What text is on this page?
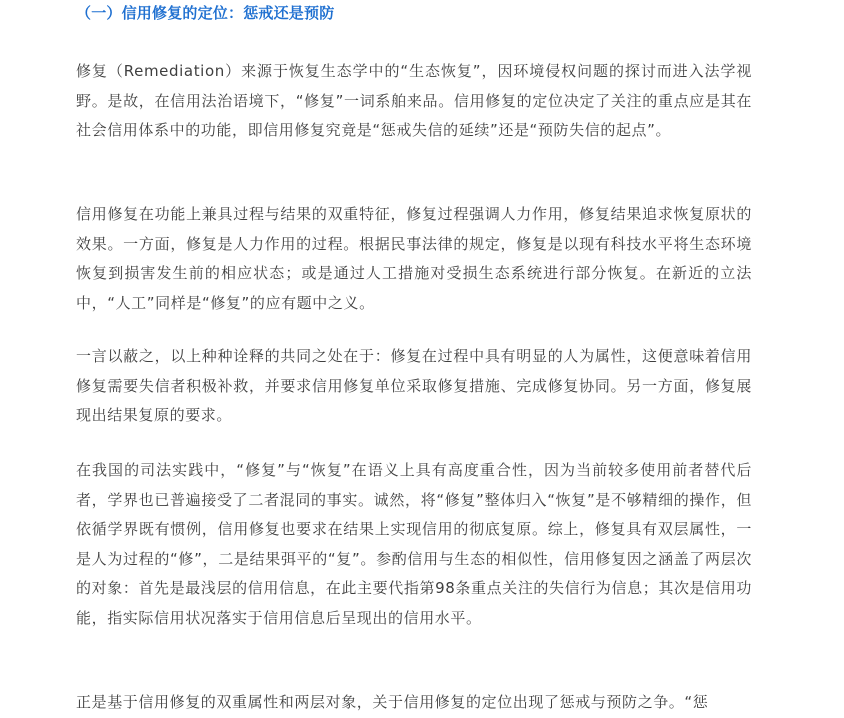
（一）信用修复的定位：惩戒还是预防

修复（Remediation）来源于恢复生态学中的“生态恢复”，因环境侵权问题的探讨而进入法学视野。是故，在信用法治语境下，“修复”一词系舶来品。信用修复的定位决定了关注的重点应是其在社会信用体系中的功能，即信用修复究竟是“惩戒失信的延续”还是“预防失信的起点”。

信用修复在功能上兼具过程与结果的双重特征，修复过程强调人力作用，修复结果追求恢复原状的效果。一方面，修复是人力作用的过程。根据民事法律的规定，修复是以现有科技水平将生态环境恢复到损害发生前的相应状态；或是通过人工措施对受损生态系统进行部分恢复。在新近的立法中，“人工”同样是“修复”的应有题中之义。

一言以蔽之，以上种种诠释的共同之处在于：修复在过程中具有明显的人为属性，这便意味着信用修复需要失信者积极补救，并要求信用修复单位采取修复措施、完成修复协同。另一方面，修复展现出结果复原的要求。

在我国的司法实践中，“修复”与“恢复”在语义上具有高度重合性，因为当前较多使用前者替代后者，学界也已普遍接受了二者混同的事实。诚然，将“修复”整体归入“恢复”是不够精细的操作，但依循学界既有惯例，信用修复也要求在结果上实现信用的彻底复原。综上，修复具有双层属性，一是人为过程的“修”，二是结果弭平的“复”。参酌信用与生态的相似性，信用修复因之涵盖了两层次的对象：首先是最浅层的信用信息，在此主要代指第98条重点关注的失信行为信息；其次是信用功能，指实际信用状况落实于信用信息后呈现出的信用水平。

正是基于信用修复的双重属性和两层对象，关于信用修复的定位出现了惩戒与预防之争。“惩
